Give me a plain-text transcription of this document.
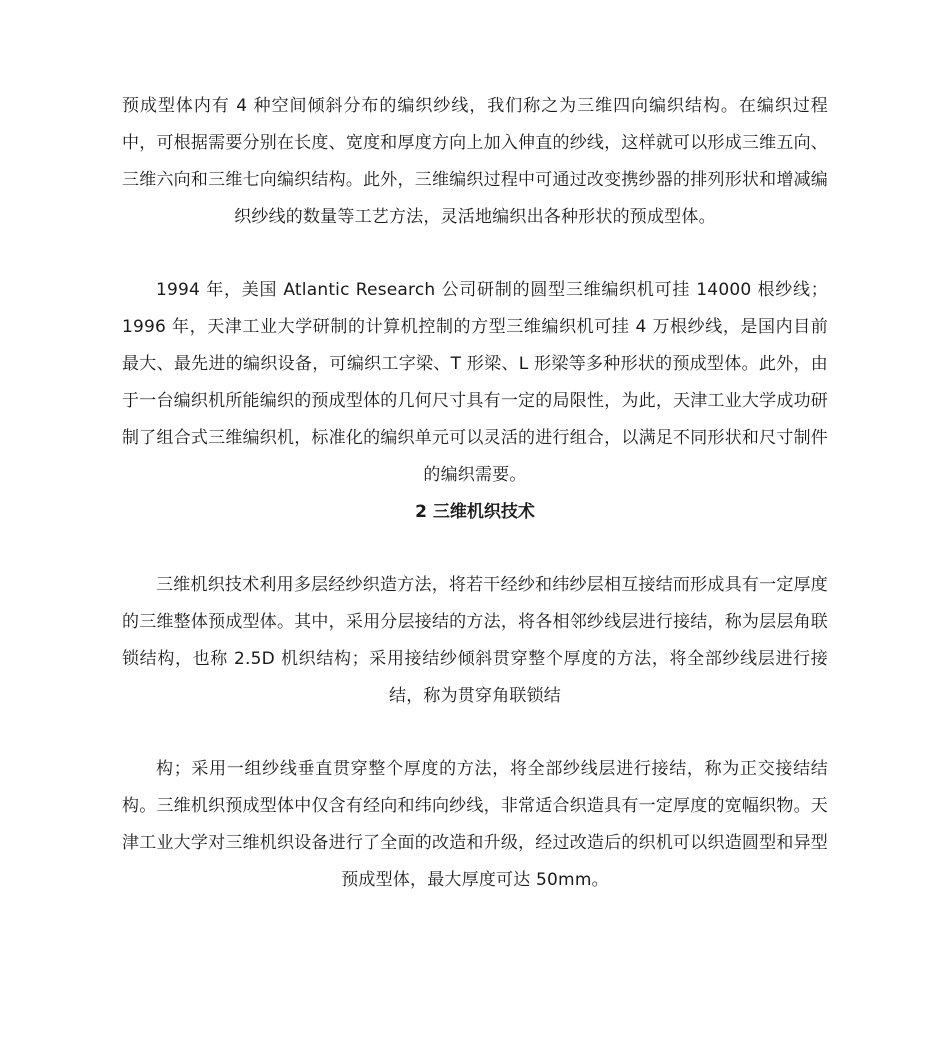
预成型体内有 4 种空间倾斜分布的编织纱线，我们称之为三维四向编织结构。在编织过程中，可根据需要分别在长度、宽度和厚度方向上加入伸直的纱线，这样就可以形成三维五向、三维六向和三维七向编织结构。此外，三维编织过程中可通过改变携纱器的排列形状和增减编织纱线的数量等工艺方法，灵活地编织出各种形状的预成型体。

1994 年，美国 Atlantic Research 公司研制的圆型三维编织机可挂 14000 根纱线；1996 年，天津工业大学研制的计算机控制的方型三维编织机可挂 4 万根纱线，是国内目前最大、最先进的编织设备，可编织工字梁、T 形梁、L 形梁等多种形状的预成型体。此外，由于一台编织机所能编织的预成型体的几何尺寸具有一定的局限性，为此，天津工业大学成功研制了组合式三维编织机，标准化的编织单元可以灵活的进行组合，以满足不同形状和尺寸制件的编织需要。

2 三维机织技术

三维机织技术利用多层经纱织造方法，将若干经纱和纬纱层相互接结而形成具有一定厚度的三维整体预成型体。其中，采用分层接结的方法，将各相邻纱线层进行接结，称为层层角联锁结构，也称 2.5D 机织结构；采用接结纱倾斜贯穿整个厚度的方法，将全部纱线层进行接结，称为贯穿角联锁结

构；采用一组纱线垂直贯穿整个厚度的方法，将全部纱线层进行接结，称为正交接结结构。三维机织预成型体中仅含有经向和纬向纱线，非常适合织造具有一定厚度的宽幅织物。天津工业大学对三维机织设备进行了全面的改造和升级，经过改造后的织机可以织造圆型和异型预成型体，最大厚度可达 50mm。
